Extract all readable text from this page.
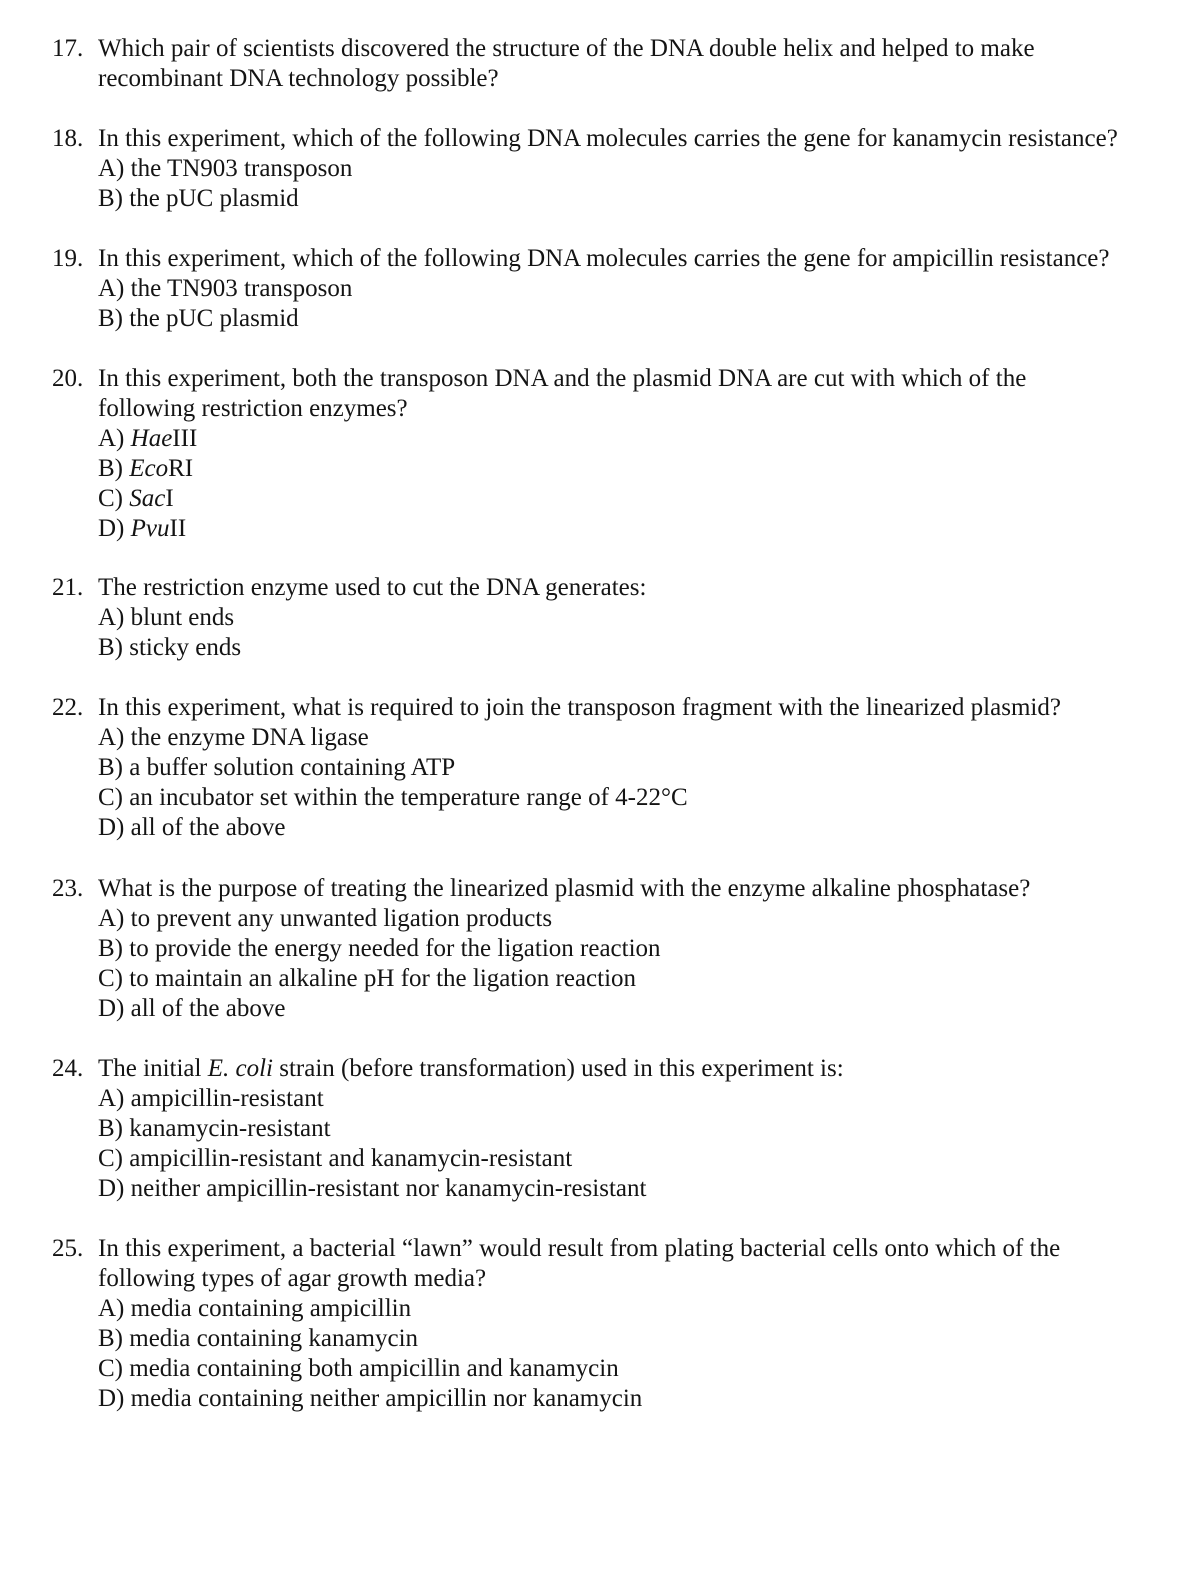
17. Which pair of scientists discovered the structure of the DNA double helix and helped to make recombinant DNA technology possible?
18. In this experiment, which of the following DNA molecules carries the gene for kanamycin resistance?
A) the TN903 transposon
B) the pUC plasmid
19. In this experiment, which of the following DNA molecules carries the gene for ampicillin resistance?
A) the TN903 transposon
B) the pUC plasmid
20. In this experiment, both the transposon DNA and the plasmid DNA are cut with which of the following restriction enzymes?
A) HaeIII
B) EcoRI
C) SacI
D) PvuII
21. The restriction enzyme used to cut the DNA generates:
A) blunt ends
B) sticky ends
22. In this experiment, what is required to join the transposon fragment with the linearized plasmid?
A) the enzyme DNA ligase
B) a buffer solution containing ATP
C) an incubator set within the temperature range of 4-22°C
D) all of the above
23. What is the purpose of treating the linearized plasmid with the enzyme alkaline phosphatase?
A) to prevent any unwanted ligation products
B) to provide the energy needed for the ligation reaction
C) to maintain an alkaline pH for the ligation reaction
D) all of the above
24. The initial E. coli strain (before transformation) used in this experiment is:
A) ampicillin-resistant
B) kanamycin-resistant
C) ampicillin-resistant and kanamycin-resistant
D) neither ampicillin-resistant nor kanamycin-resistant
25. In this experiment, a bacterial “lawn” would result from plating bacterial cells onto which of the following types of agar growth media?
A) media containing ampicillin
B) media containing kanamycin
C) media containing both ampicillin and kanamycin
D) media containing neither ampicillin nor kanamycin
